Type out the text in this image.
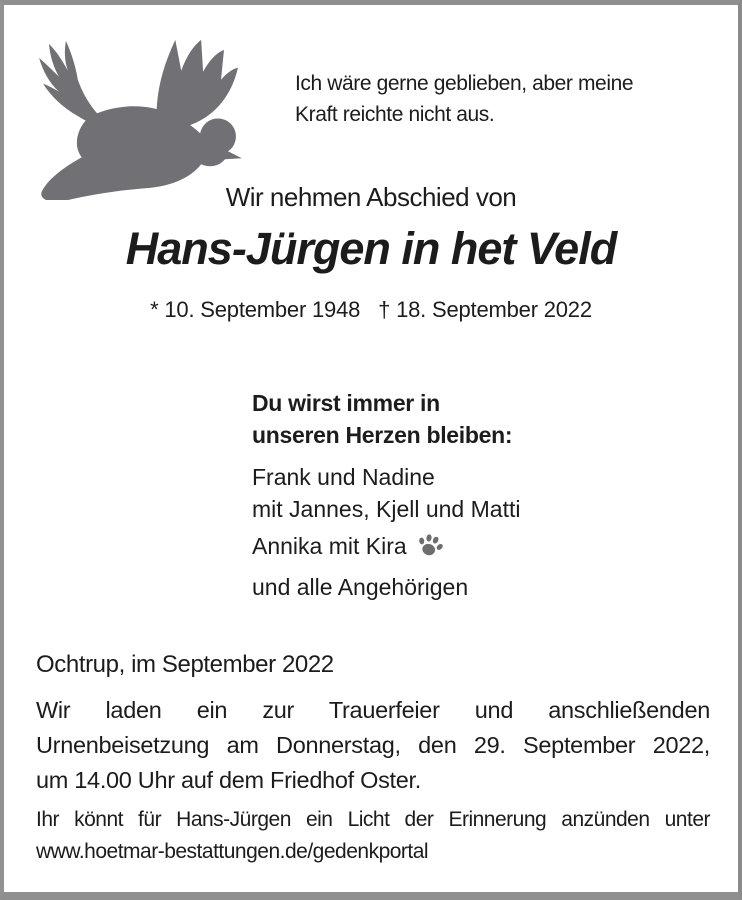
Ich wäre gerne geblieben, aber meine
Kraft reichte nicht aus.
Wir nehmen Abschied von
Hans-Jürgen in het Veld
* 10. September 1948 † 18. September 2022
Du wirst immer in
unseren Herzen bleiben:
Frank und Nadine
mit Jannes, Kjell und Matti
Annika mit Kira
und alle Angehörigen
Ochtrup, im September 2022
Wir laden ein zur Trauerfeier und anschließenden
Urnenbeisetzung am Donnerstag, den 29. September 2022,
um 14.00 Uhr auf dem Friedhof Oster.
Ihr könnt für Hans-Jürgen ein Licht der Erinnerung anzünden unter
www.hoetmar-bestattungen.de/gedenkportal
